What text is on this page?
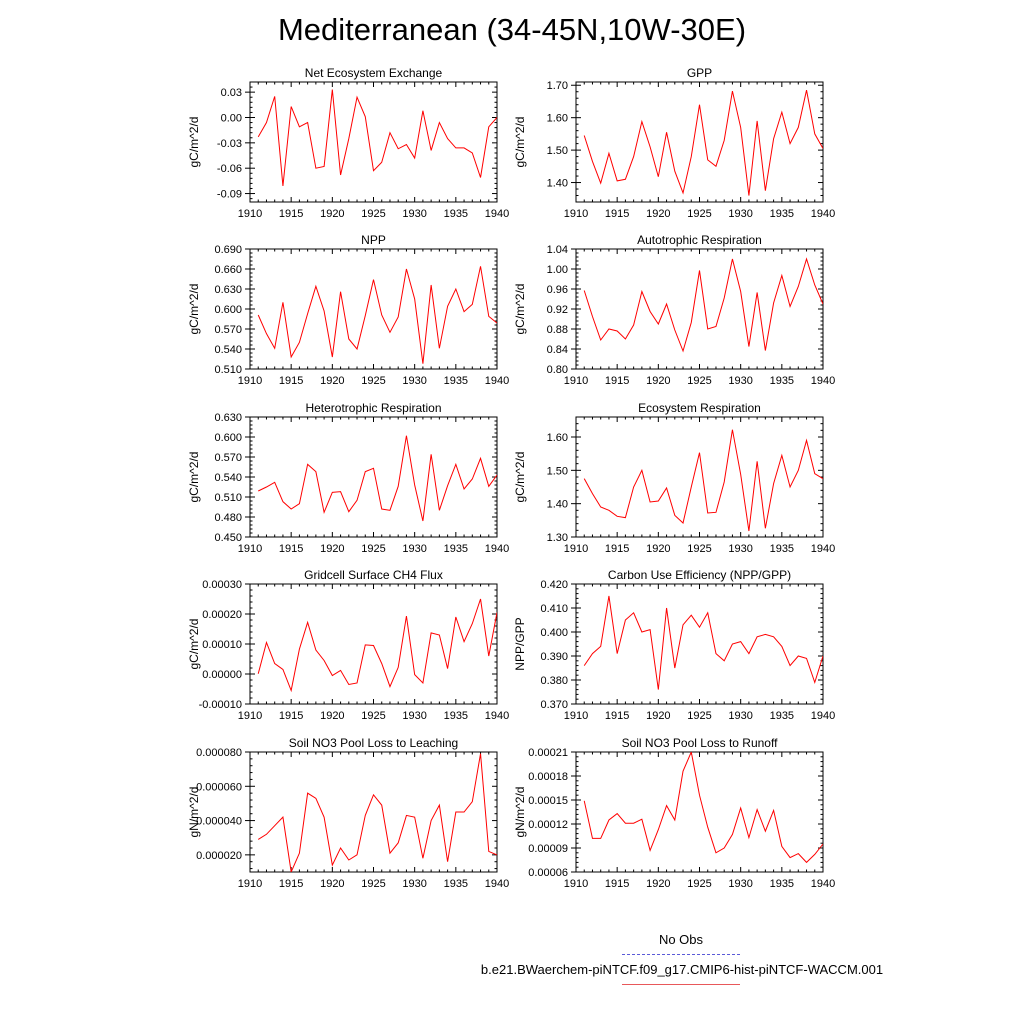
Mediterranean (34-45N,10W-30E)
Net Ecosystem Exchange
gC/m^2/d
1910 1915 1920 1925 1930 1935 1940
0.03
0.00
-0.03
-0.06
-0.09
GPP
gC/m^2/d
1910 1915 1920 1925 1930 1935 1940
1.70
1.60
1.50
1.40
NPP
gC/m^2/d
1910 1915 1920 1925 1930 1935 1940
0.690
0.660
0.630
0.600
0.570
0.540
0.510
Autotrophic Respiration
gC/m^2/d
1910 1915 1920 1925 1930 1935 1940
1.04
1.00
0.96
0.92
0.88
0.84
0.80
Heterotrophic Respiration
gC/m^2/d
1910 1915 1920 1925 1930 1935 1940
0.630
0.600
0.570
0.540
0.510
0.480
0.450
Ecosystem Respiration
gC/m^2/d
1910 1915 1920 1925 1930 1935 1940
1.60
1.50
1.40
1.30
Gridcell Surface CH4 Flux
gC/m^2/d
1910 1915 1920 1925 1930 1935 1940
0.00030
0.00020
0.00010
0.00000
-0.00010
Carbon Use Efficiency (NPP/GPP)
NPP/GPP
1910 1915 1920 1925 1930 1935 1940
0.420
0.410
0.400
0.390
0.380
0.370
Soil NO3 Pool Loss to Leaching
gN/m^2/d
1910 1915 1920 1925 1930 1935 1940
0.000080
0.000060
0.000040
0.000020
Soil NO3 Pool Loss to Runoff
gN/m^2/d
1910 1915 1920 1925 1930 1935 1940
0.00021
0.00018
0.00015
0.00012
0.00009
0.00006
No Obs
b.e21.BWaerchem-piNTCF.f09_g17.CMIP6-hist-piNTCF-WACCM.001
